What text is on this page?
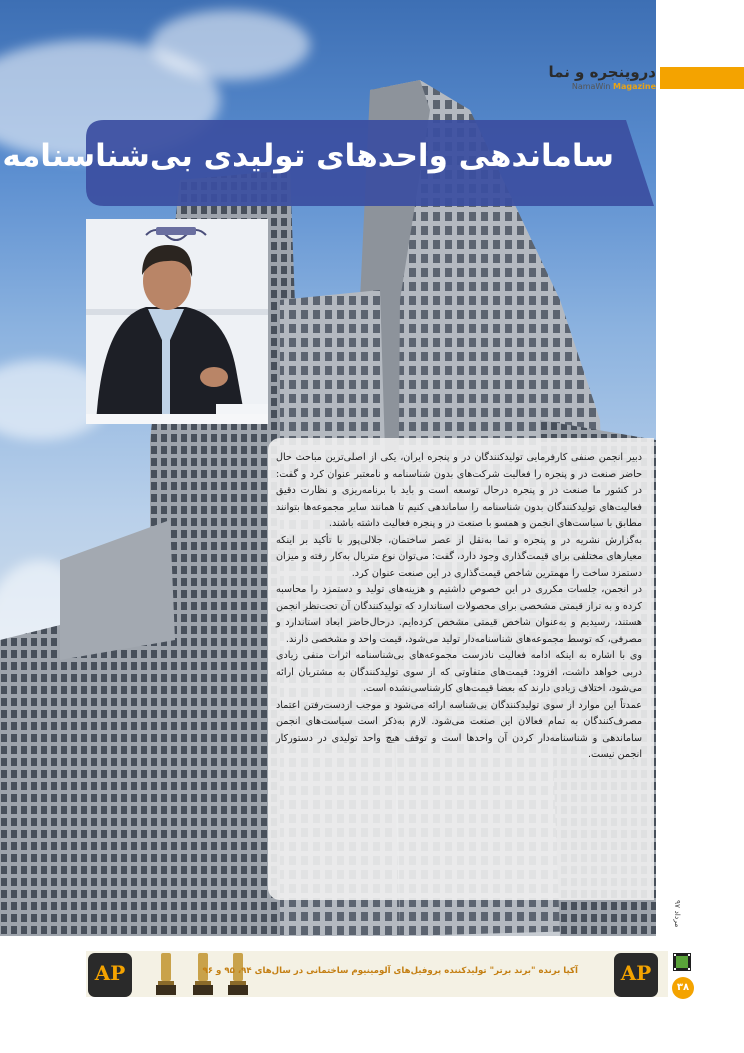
دروپنجره و نما
NamaWin Magazine
ساماندهی واحدهای تولیدی بی‌شناسنامه

دبیر انجمن صنفی کارفرمایی تولیدکنندگان در و پنجره ایران، یکی از اصلی‌ترین مباحث حال حاضر صنعت در و پنجره را فعالیت شرکت‌های بدون شناسنامه و نامعتبر عنوان کرد و گفت: در کشور ما صنعت در و پنجره درحال توسعه است و باید با برنامه‌ریزی و نظارت دقیق فعالیت‌های تولیدکنندگان بدون شناسنامه را ساماندهی کنیم تا همانند سایر مجموعه‌ها بتوانند مطابق با سیاست‌های انجمن و همسو با صنعت در و پنجره فعالیت داشته باشند.

به‌گزارش نشریه در و پنجره و نما به‌نقل از عصر ساختمان، جلالی‌پور با تأکید بر اینکه معیارهای مختلفی برای قیمت‌گذاری وجود دارد، گفت: می‌توان نوع متریال به‌کار رفته و میزان دستمزد ساخت را مهمترین شاخص قیمت‌گذاری در این صنعت عنوان کرد.

در انجمن، جلسات مکرری در این خصوص داشتیم و هزینه‌های تولید و دستمزد را محاسبه کرده و به تراز قیمتی مشخصی برای محصولات استاندارد که تولیدکنندگان آن تحت‌نظر انجمن هستند، رسیدیم و به‌عنوان شاخص قیمتی مشخص کرده‌ایم. درحال‌حاضر ابعاد استاندارد و مصرفی، که توسط مجموعه‌های شناسنامه‌دار تولید می‌شود، قیمت واحد و مشخصی دارند.

وی با اشاره به اینکه ادامه فعالیت نادرست مجموعه‌های بی‌شناسنامه اثرات منفی زیادی دربی خواهد داشت، افزود: قیمت‌های متفاوتی که از سوی تولیدکنندگان به مشتریان ارائه می‌شود، اختلاف زیادی دارند که بعضا قیمت‌های کارشناسی‌نشده است.

عمدتاً این موارد از سوی تولیدکنندگان بی‌شناسه ارائه می‌شود و موجب ازدست‌رفتن اعتماد مصرف‌کنندگان به تمام فعالان این صنعت می‌شود. لازم به‌ذکر است سیاست‌های انجمن ساماندهی و شناسنامه‌دار کردن آن واحدها است و توقف هیچ واحد تولیدی در دستورکار انجمن نیست.

مرداد ۹۷
AP	آکپا برنده "برند برتر" تولیدکننده پروفیل‌های آلومینیوم ساختمانی در سال‌های ۹۴، ۹۵ و ۹۶	AP
۳۸
